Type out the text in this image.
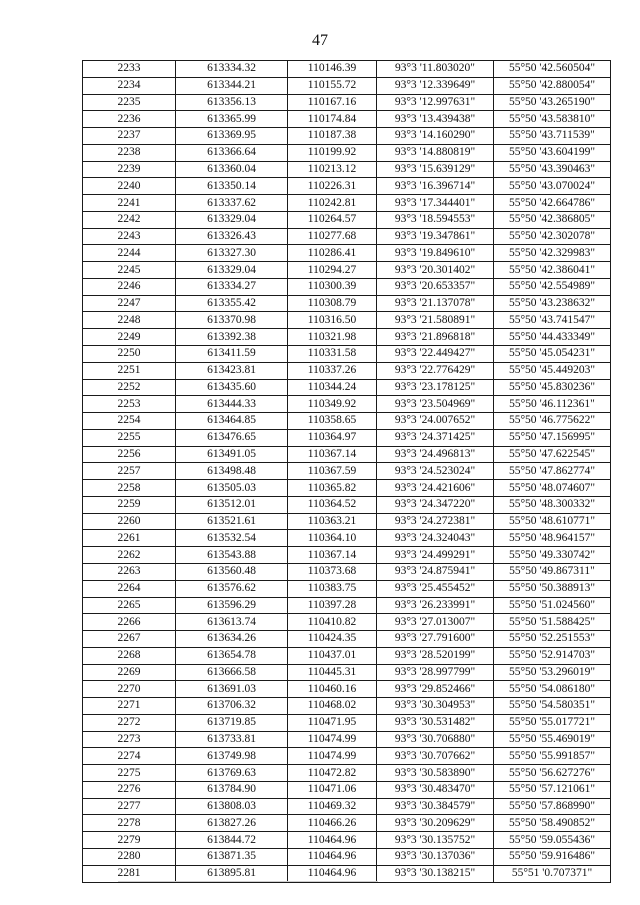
47
2233	613334.32	110146.39	93°3 '11.803020"	55°50 '42.560504"
2234	613344.21	110155.72	93°3 '12.339649"	55°50 '42.880054"
2235	613356.13	110167.16	93°3 '12.997631"	55°50 '43.265190"
2236	613365.99	110174.84	93°3 '13.439438"	55°50 '43.583810"
2237	613369.95	110187.38	93°3 '14.160290"	55°50 '43.711539"
2238	613366.64	110199.92	93°3 '14.880819"	55°50 '43.604199"
2239	613360.04	110213.12	93°3 '15.639129"	55°50 '43.390463"
2240	613350.14	110226.31	93°3 '16.396714"	55°50 '43.070024"
2241	613337.62	110242.81	93°3 '17.344401"	55°50 '42.664786"
2242	613329.04	110264.57	93°3 '18.594553"	55°50 '42.386805"
2243	613326.43	110277.68	93°3 '19.347861"	55°50 '42.302078"
2244	613327.30	110286.41	93°3 '19.849610"	55°50 '42.329983"
2245	613329.04	110294.27	93°3 '20.301402"	55°50 '42.386041"
2246	613334.27	110300.39	93°3 '20.653357"	55°50 '42.554989"
2247	613355.42	110308.79	93°3 '21.137078"	55°50 '43.238632"
2248	613370.98	110316.50	93°3 '21.580891"	55°50 '43.741547"
2249	613392.38	110321.98	93°3 '21.896818"	55°50 '44.433349"
2250	613411.59	110331.58	93°3 '22.449427"	55°50 '45.054231"
2251	613423.81	110337.26	93°3 '22.776429"	55°50 '45.449203"
2252	613435.60	110344.24	93°3 '23.178125"	55°50 '45.830236"
2253	613444.33	110349.92	93°3 '23.504969"	55°50 '46.112361"
2254	613464.85	110358.65	93°3 '24.007652"	55°50 '46.775622"
2255	613476.65	110364.97	93°3 '24.371425"	55°50 '47.156995"
2256	613491.05	110367.14	93°3 '24.496813"	55°50 '47.622545"
2257	613498.48	110367.59	93°3 '24.523024"	55°50 '47.862774"
2258	613505.03	110365.82	93°3 '24.421606"	55°50 '48.074607"
2259	613512.01	110364.52	93°3 '24.347220"	55°50 '48.300332"
2260	613521.61	110363.21	93°3 '24.272381"	55°50 '48.610771"
2261	613532.54	110364.10	93°3 '24.324043"	55°50 '48.964157"
2262	613543.88	110367.14	93°3 '24.499291"	55°50 '49.330742"
2263	613560.48	110373.68	93°3 '24.875941"	55°50 '49.867311"
2264	613576.62	110383.75	93°3 '25.455452"	55°50 '50.388913"
2265	613596.29	110397.28	93°3 '26.233991"	55°50 '51.024560"
2266	613613.74	110410.82	93°3 '27.013007"	55°50 '51.588425"
2267	613634.26	110424.35	93°3 '27.791600"	55°50 '52.251553"
2268	613654.78	110437.01	93°3 '28.520199"	55°50 '52.914703"
2269	613666.58	110445.31	93°3 '28.997799"	55°50 '53.296019"
2270	613691.03	110460.16	93°3 '29.852466"	55°50 '54.086180"
2271	613706.32	110468.02	93°3 '30.304953"	55°50 '54.580351"
2272	613719.85	110471.95	93°3 '30.531482"	55°50 '55.017721"
2273	613733.81	110474.99	93°3 '30.706880"	55°50 '55.469019"
2274	613749.98	110474.99	93°3 '30.707662"	55°50 '55.991857"
2275	613769.63	110472.82	93°3 '30.583890"	55°50 '56.627276"
2276	613784.90	110471.06	93°3 '30.483470"	55°50 '57.121061"
2277	613808.03	110469.32	93°3 '30.384579"	55°50 '57.868990"
2278	613827.26	110466.26	93°3 '30.209629"	55°50 '58.490852"
2279	613844.72	110464.96	93°3 '30.135752"	55°50 '59.055436"
2280	613871.35	110464.96	93°3 '30.137036"	55°50 '59.916486"
2281	613895.81	110464.96	93°3 '30.138215"	55°51 '0.707371"
